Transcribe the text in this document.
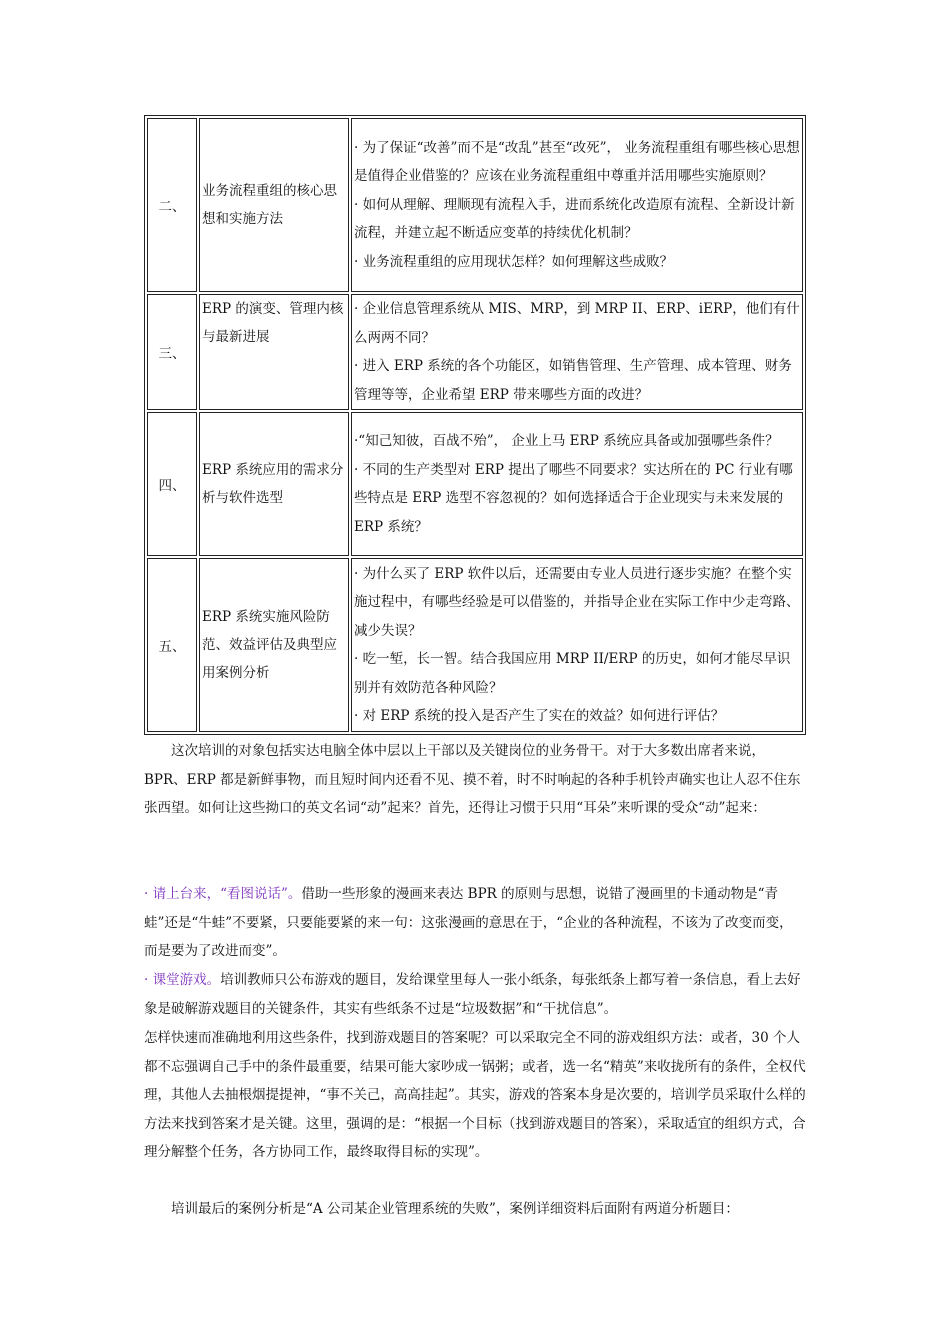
二、	业务流程重组的核心思想和实施方法	· 为了保证“改善”而不是“改乱”甚至“改死”， 业务流程重组有哪些核心思想是值得企业借鉴的？应该在业务流程重组中尊重并活用哪些实施原则？
· 如何从理解、理顺现有流程入手，进而系统化改造原有流程、全新设计新流程，并建立起不断适应变革的持续优化机制？
· 业务流程重组的应用现状怎样？如何理解这些成败？

三、	ERP 的演变、管理内核与最新进展	· 企业信息管理系统从 MIS、MRP，到 MRP II、ERP、iERP，他们有什么两两不同？
· 进入 ERP 系统的各个功能区，如销售管理、生产管理、成本管理、财务管理等等，企业希望 ERP 带来哪些方面的改进？

四、	ERP 系统应用的需求分析与软件选型	·“知己知彼，百战不殆”， 企业上马 ERP 系统应具备或加强哪些条件？
· 不同的生产类型对 ERP 提出了哪些不同要求？实达所在的 PC 行业有哪些特点是 ERP 选型不容忽视的？如何选择适合于企业现实与未来发展的 ERP 系统？

五、	ERP 系统实施风险防范、效益评估及典型应用案例分析	· 为什么买了 ERP 软件以后，还需要由专业人员进行逐步实施？在整个实施过程中，有哪些经验是可以借鉴的，并指导企业在实际工作中少走弯路、减少失误？
· 吃一堑，长一智。结合我国应用 MRP II/ERP 的历史，如何才能尽早识别并有效防范各种风险？
· 对 ERP 系统的投入是否产生了实在的效益？如何进行评估？

这次培训的对象包括实达电脑全体中层以上干部以及关键岗位的业务骨干。对于大多数出席者来说，BPR、ERP 都是新鲜事物，而且短时间内还看不见、摸不着，时不时响起的各种手机铃声确实也让人忍不住东张西望。如何让这些拗口的英文名词“动”起来？首先，还得让习惯于只用“耳朵”来听课的受众“动”起来：

· 请上台来，“看图说话”。借助一些形象的漫画来表达 BPR 的原则与思想，说错了漫画里的卡通动物是“青蛙”还是“牛蛙”不要紧，只要能要紧的来一句：这张漫画的意思在于，“企业的各种流程，不该为了改变而变，而是要为了改进而变”。

· 课堂游戏。培训教师只公布游戏的题目，发给课堂里每人一张小纸条，每张纸条上都写着一条信息，看上去好象是破解游戏题目的关键条件，其实有些纸条不过是“垃圾数据”和“干扰信息”。

怎样快速而准确地利用这些条件，找到游戏题目的答案呢？可以采取完全不同的游戏组织方法：或者，30 个人都不忘强调自己手中的条件最重要，结果可能大家吵成一锅粥；或者，选一名“精英”来收拢所有的条件，全权代理，其他人去抽根烟提提神，“事不关己，高高挂起”。其实，游戏的答案本身是次要的，培训学员采取什么样的方法来找到答案才是关键。这里，强调的是：“根据一个目标（找到游戏题目的答案），采取适宜的组织方式，合理分解整个任务，各方协同工作，最终取得目标的实现”。

培训最后的案例分析是“A 公司某企业管理系统的失败”，案例详细资料后面附有两道分析题目：
